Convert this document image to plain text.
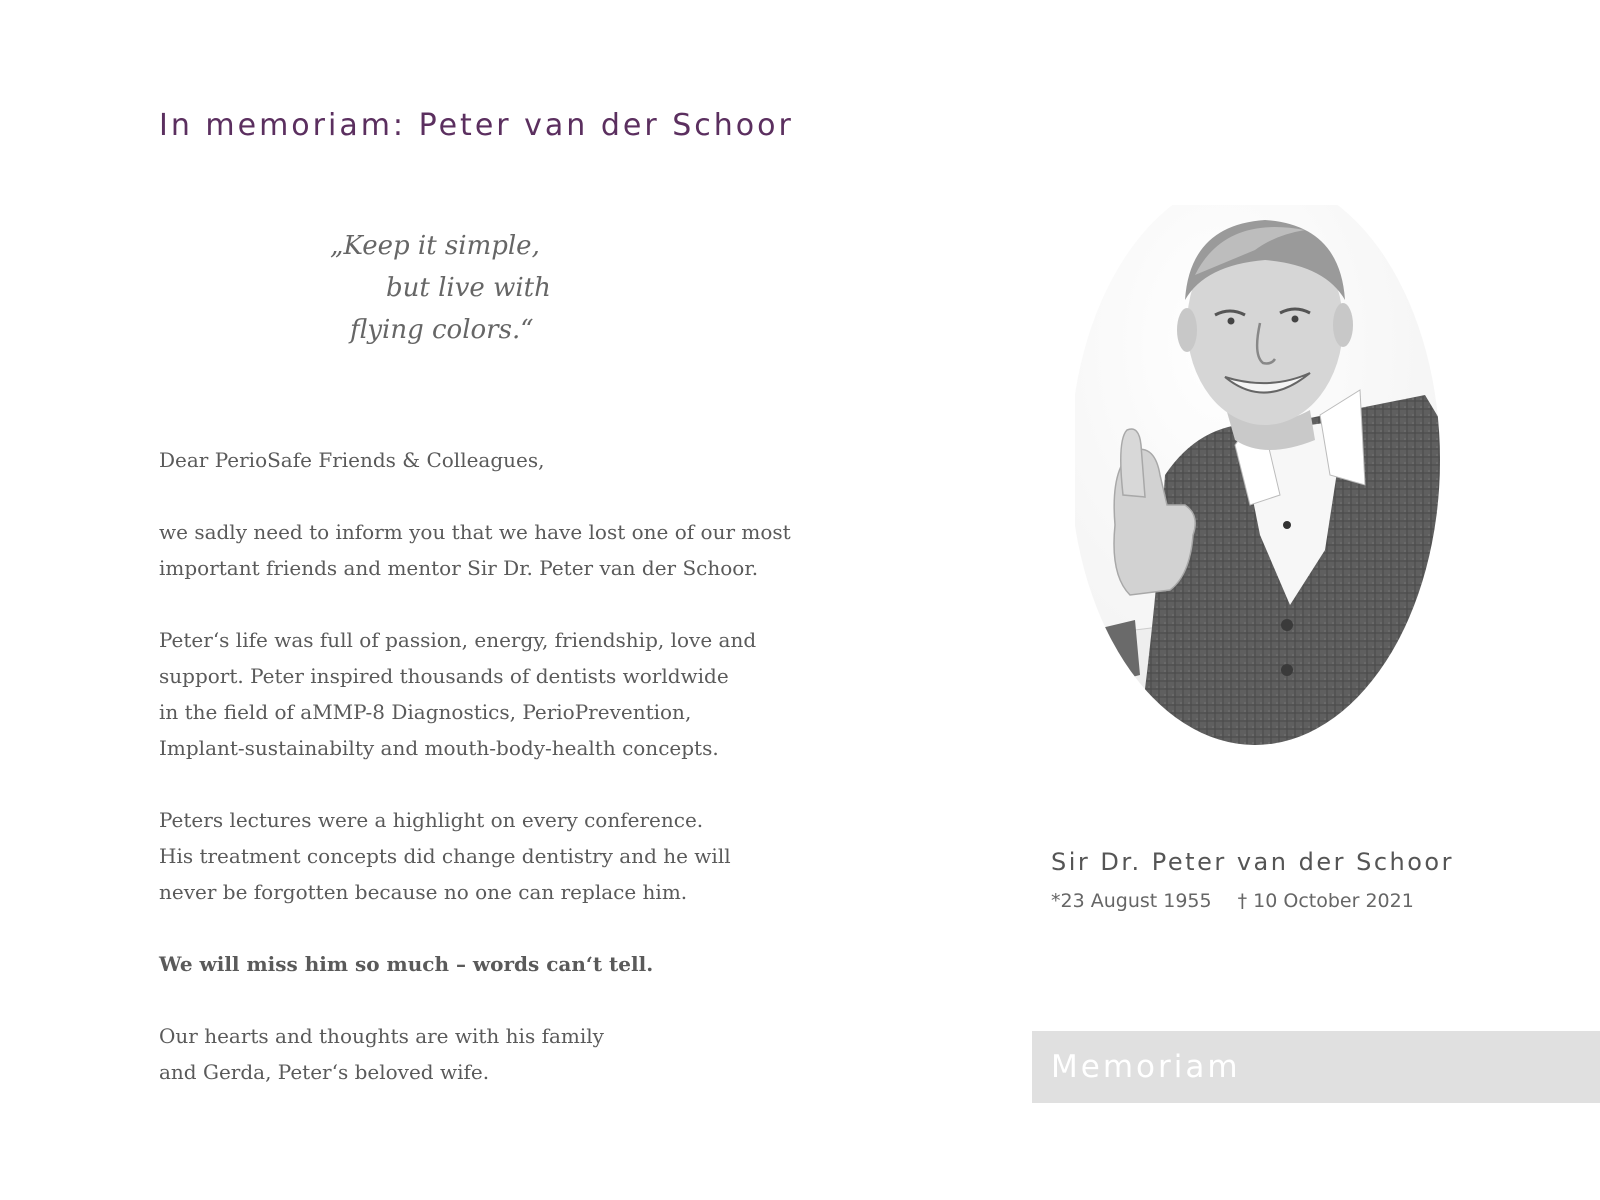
In memoriam: Peter van der Schoor
„Keep it simple,
but live with
flying colors.“

Dear PerioSafe Friends & Colleagues,

we sadly need to inform you that we have lost one of our most
important friends and mentor Sir Dr. Peter van der Schoor.

Peter‘s life was full of passion, energy, friendship, love and
support. Peter inspired thousands of dentists worldwide
in the field of aMMP-8 Diagnostics, PerioPrevention,
Implant-sustainabilty and mouth-body-health concepts.

Peters lectures were a highlight on every conference.
His treatment concepts did change dentistry and he will
never be forgotten because no one can replace him.

We will miss him so much – words can‘t tell.

Our hearts and thoughts are with his family
and Gerda, Peter‘s beloved wife.

Sir Dr. Peter van der Schoor
*23 August 1955 † 10 October 2021
Memoriam
